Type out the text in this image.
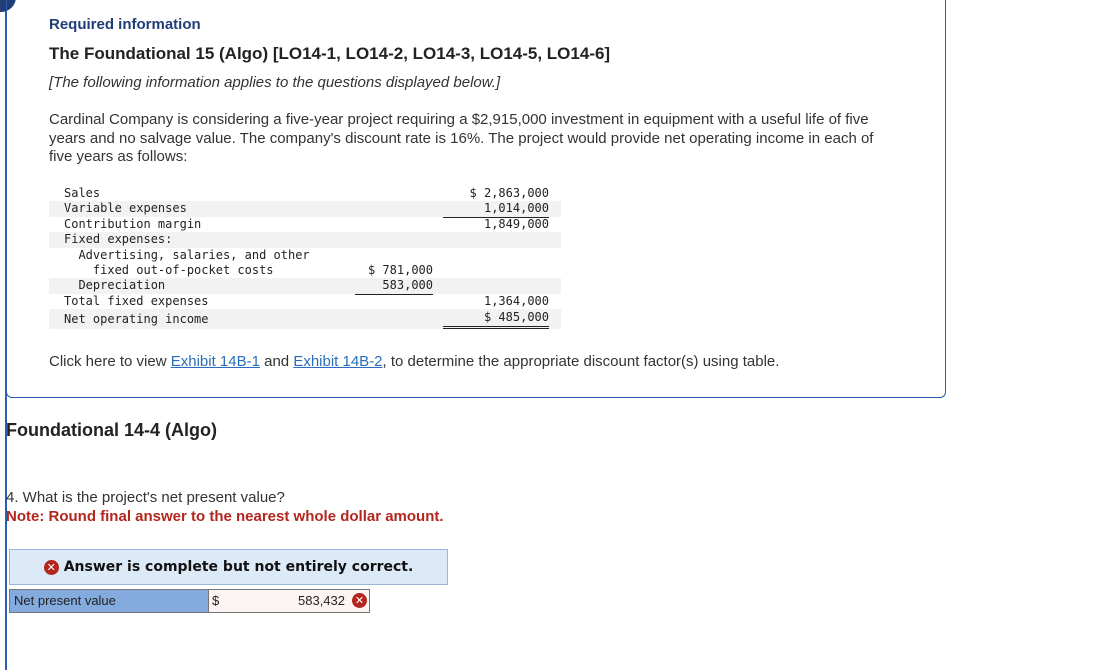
Required information
The Foundational 15 (Algo) [LO14-1, LO14-2, LO14-3, LO14-5, LO14-6]
[The following information applies to the questions displayed below.]
Cardinal Company is considering a five-year project requiring a $2,915,000 investment in equipment with a useful life of five years and no salvage value. The company's discount rate is 16%. The project would provide net operating income in each of five years as follows:
Sales	$ 2,863,000
Variable expenses	1,014,000
Contribution margin	1,849,000
Fixed expenses:
Advertising, salaries, and other
fixed out-of-pocket costs	$ 781,000
Depreciation	583,000
Total fixed expenses	1,364,000
Net operating income	$ 485,000
Click here to view Exhibit 14B-1 and Exhibit 14B-2, to determine the appropriate discount factor(s) using table.
Foundational 14-4 (Algo)
4. What is the project's net present value?
Note: Round final answer to the nearest whole dollar amount.
✕ Answer is complete but not entirely correct.
Net present value	$	583,432 ✕
